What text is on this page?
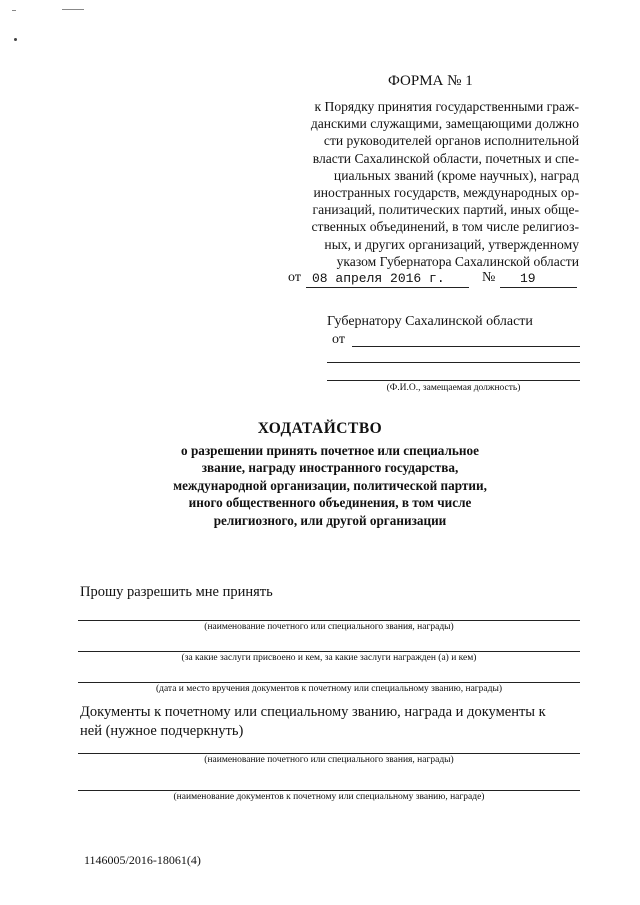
ФОРМА № 1
к Порядку принятия государственными граж-
данскими служащими, замещающими должно
сти руководителей органов исполнительной
власти Сахалинской области, почетных и спе-
циальных званий (кроме научных), наград
иностранных государств, международных ор-
ганизаций, политических партий, иных обще-
ственных объединений, в том числе религиоз-
ных, и других организаций, утвержденному
указом Губернатора Сахалинской области
от 08 апреля 2016 г.	№ 19
Губернатору Сахалинской области
от
(Ф.И.О., замещаемая должность)
ХОДАТАЙСТВО
о разрешении принять почетное или специальное
звание, награду иностранного государства,
международной организации, политической партии,
иного общественного объединения, в том числе
религиозного, или другой организации
Прошу разрешить мне принять
(наименование почетного или специального звания, награды)
(за какие заслуги присвоено и кем, за какие заслуги награжден (а) и кем)
(дата и место вручения документов к почетному или специальному званию, награды)
Документы к почетному или специальному званию, награда и документы к
ней (нужное подчеркнуть)
(наименование почетного или специального звания, награды)
(наименование документов к почетному или специальному званию, награде)
1146005/2016-18061(4)
